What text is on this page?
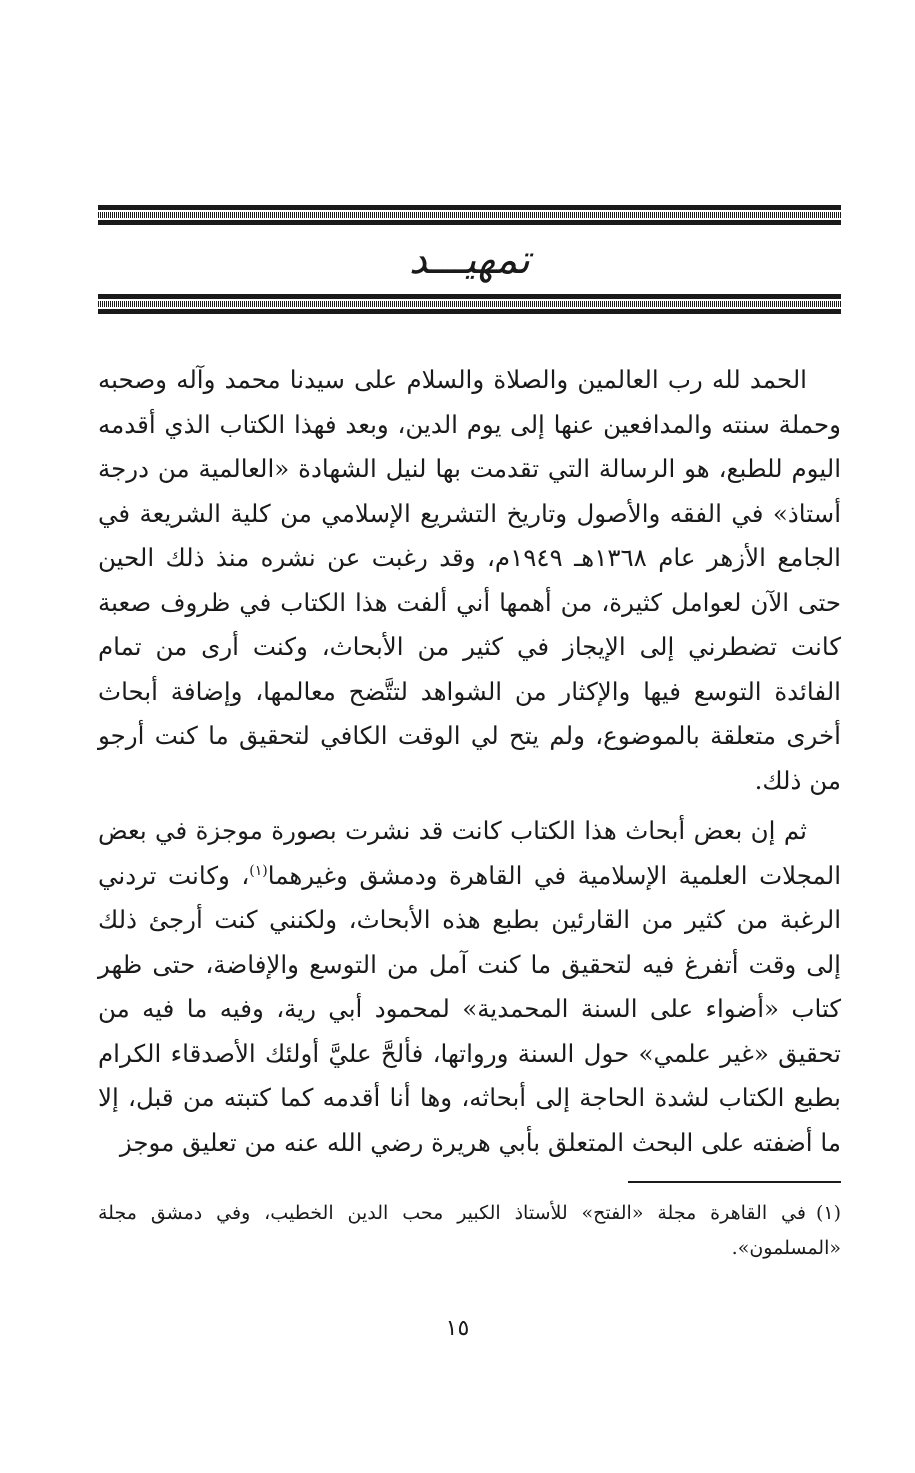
تمهيـــد

الحمد لله رب العالمين والصلاة والسلام على سيدنا محمد وآله وصحبه وحملة سنته والمدافعين عنها إلى يوم الدين، وبعد فهذا الكتاب الذي أقدمه اليوم للطبع، هو الرسالة التي تقدمت بها لنيل الشهادة «العالمية من درجة أستاذ» في الفقه والأصول وتاريخ التشريع الإسلامي من كلية الشريعة في الجامع الأزهر عام ١٣٦٨هـ ١٩٤٩م، وقد رغبت عن نشره منذ ذلك الحين حتى الآن لعوامل كثيرة، من أهمها أني ألفت هذا الكتاب في ظروف صعبة كانت تضطرني إلى الإيجاز في كثير من الأبحاث، وكنت أرى من تمام الفائدة التوسع فيها والإكثار من الشواهد لتتَّضح معالمها، وإضافة أبحاث أخرى متعلقة بالموضوع، ولم يتح لي الوقت الكافي لتحقيق ما كنت أرجو من ذلك.

ثم إن بعض أبحاث هذا الكتاب كانت قد نشرت بصورة موجزة في بعض المجلات العلمية الإسلامية في القاهرة ودمشق وغيرهما$^{(١)}$، وكانت تردني الرغبة من كثير من القارئين بطبع هذه الأبحاث، ولكنني كنت أرجئ ذلك إلى وقت أتفرغ فيه لتحقيق ما كنت آمل من التوسع والإفاضة، حتى ظهر كتاب «أضواء على السنة المحمدية» لمحمود أبي رية، وفيه ما فيه من تحقيق «غير علمي» حول السنة ورواتها، فألحَّ عليَّ أولئك الأصدقاء الكرام بطبع الكتاب لشدة الحاجة إلى أبحاثه، وها أنا أقدمه كما كتبته من قبل، إلا ما أضفته على البحث المتعلق بأبي هريرة رضي الله عنه من تعليق موجز

(١)في القاهرة مجلة «الفتح» للأستاذ الكبير محب الدين الخطيب، وفي دمشق مجلة «المسلمون».
١٥
